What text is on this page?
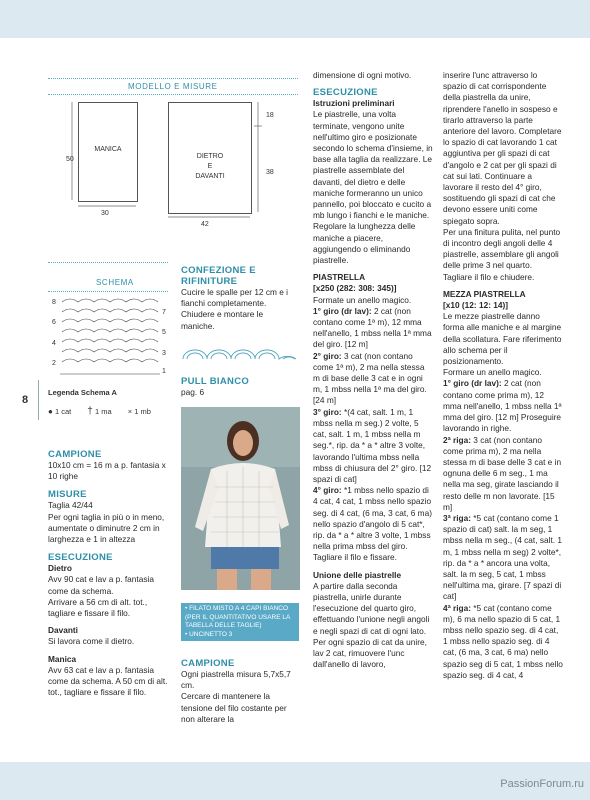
MODELLO E MISURE
MANICA
50
30
DIETRO
E
DAVANTI
42
18
38
SCHEMA
8
6
4
2
7
5
3
1
8
Legenda Schema A
● 1 cat † 1 ma × 1 mb

CAMPIONE

10x10 cm = 16 m a p. fantasia x 10 righe

MISURE

Taglia 42/44

Per ogni taglia in più o in meno, aumentate o diminutre 2 cm in larghezza e 1 in altezza

ESECUZIONE

Dietro

Avv 90 cat e lav a p. fantasia come da schema.

Arrivare a 56 cm di alt. tot., tagliare e fissare il filo.

Davanti

Si lavora come il dietro.

Manica

Avv 63 cat e lav a p. fantasia come da schema. A 50 cm di alt. tot., tagliare e fissare il filo.

CONFEZIONE E RIFINITURE

Cucire le spalle per 12 cm e i fianchi completamente. Chiudere e montare le maniche.

PULL BIANCO

pag. 6

• FILATO MISTO A 4 CAPI BIANCO
(PER IL QUANTITATIVO USARE LA
TABELLA DELLE TAGLIE)
• UNCINETTO 3

CAMPIONE

Ogni piastrella misura 5,7x5,7 cm.

Cercare di mantenere la tensione del filo costante per non alterare la

dimensione di ogni motivo.

ESECUZIONE

Istruzioni preliminari

Le piastrelle, una volta terminate, vengono unite nell'ultimo giro e posizionate secondo lo schema d'insieme, in base alla taglia da realizzare. Le piastrelle assemblate del davanti, del dietro e delle maniche formeranno un unico pannello, poi bloccato e cucito a mb lungo i fianchi e le maniche. Regolare la lunghezza delle maniche a piacere, aggiungendo o eliminando piastrelle.

PIASTRELLA

[x250 (282: 308: 345)]

Formate un anello magico.

1° giro (dr lav): 2 cat (non contano come 1ª m), 12 mma nell'anello, 1 mbss nella 1ª mma del giro. [12 m]

2° giro: 3 cat (non contano come 1ª m), 2 ma nella stessa m di base delle 3 cat e in ogni m, 1 mbss nella 1ª ma del giro. [24 m]

3° giro: *(4 cat, salt. 1 m, 1 mbss nella m seg.) 2 volte, 5 cat, salt. 1 m, 1 mbss nella m seg.*, rip. da * a * altre 3 volte, lavorando l'ultima mbss nella mbss di chiusura del 2° giro. [12 spazi di cat]

4° giro: *1 mbss nello spazio di 4 cat, 4 cat, 1 mbss nello spazio seg. di 4 cat, (6 ma, 3 cat, 6 ma) nello spazio d'angolo di 5 cat*, rip. da * a * altre 3 volte, 1 mbss nella prima mbss del giro. Tagliare il filo e fissare.

Unione delle piastrelle

A partire dalla seconda piastrella, unirle durante l'esecuzione del quarto giro, effettuando l'unione negli angoli e negli spazi di cat di ogni lato.

Per ogni spazio di cat da unire, lav 2 cat, rimuovere l'unc dall'anello di lavoro,

inserire l'unc attraverso lo spazio di cat corrispondente della piastrella da unire, riprendere l'anello in sospeso e tirarlo attraverso la parte anteriore del lavoro. Completare lo spazio di cat lavorando 1 cat aggiuntiva per gli spazi di cat d'angolo e 2 cat per gli spazi di cat sui lati. Continuare a lavorare il resto del 4° giro, sostituendo gli spazi di cat che devono essere uniti come spiegato sopra.

Per una finitura pulita, nel punto di incontro degli angoli delle 4 piastrelle, assemblare gli angoli delle prime 3 nel quarto. Tagliare il filo e chiudere.

MEZZA PIASTRELLA

[x10 (12: 12: 14)]

Le mezze piastrelle danno forma alle maniche e al margine della scollatura. Fare riferimento allo schema per il posizionamento.

Formare un anello magico.

1° giro (dr lav): 2 cat (non contano come prima m), 12 mma nell'anello, 1 mbss nella 1ª mma del giro. [12 m] Proseguire lavorando in righe.

2ª riga: 3 cat (non contano come prima m), 2 ma nella stessa m di base delle 3 cat e in ognuna delle 6 m seg., 1 ma nella ma seg, girate lasciando il resto delle m non lavorate. [15 m]

3ª riga: *5 cat (contano come 1 spazio di cat) salt. la m seg, 1 mbss nella m seg., (4 cat, salt. 1 m, 1 mbss nella m seg) 2 volte*, rip. da * a * ancora una volta, salt. la m seg, 5 cat, 1 mbss nell'ultima ma, girare. [7 spazi di cat]

4ª riga: *5 cat (contano come m), 6 ma nello spazio di 5 cat, 1 mbss nello spazio seg. di 4 cat, 1 mbss nello spazio seg. di 4 cat, (6 ma, 3 cat, 6 ma) nello spazio seg di 5 cat, 1 mbss nello spazio seg. di 4 cat, 4

PassionForum.ru
